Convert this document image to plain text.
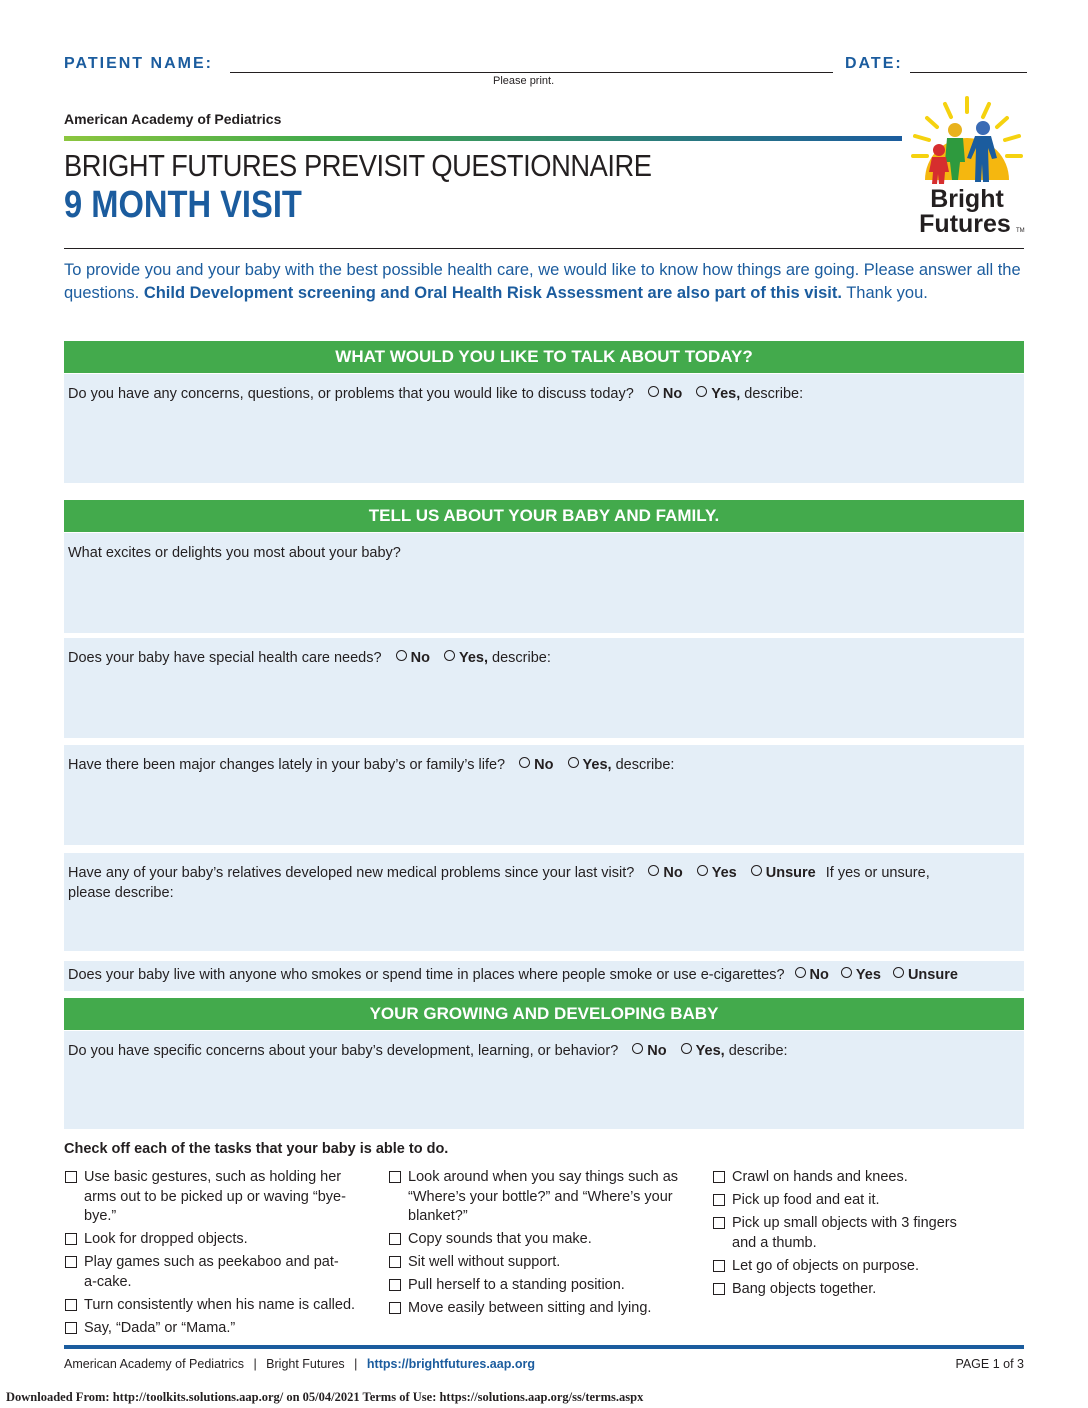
PATIENT NAME:	DATE:
Please print.
American Academy of Pediatrics
BRIGHT FUTURES PREVISIT QUESTIONNAIRE
9 MONTH VISIT	Bright
Futures TM
To provide you and your baby with the best possible health care, we would like to know how things are going. Please answer all the questions. Child Development screening and Oral Health Risk Assessment are also part of this visit. Thank you.
WHAT WOULD YOU LIKE TO TALK ABOUT TODAY?
Do you have any concerns, questions, or problems that you would like to discuss today? No Yes, describe:
TELL US ABOUT YOUR BABY AND FAMILY.
What excites or delights you most about your baby?
Does your baby have special health care needs? No Yes, describe:
Have there been major changes lately in your baby’s or family’s life? No Yes, describe:
Have any of your baby’s relatives developed new medical problems since your last visit? No Yes Unsure If yes or unsure,
please describe:
Does your baby live with anyone who smokes or spend time in places where people smoke or use e-cigarettes? No Yes Unsure
YOUR GROWING AND DEVELOPING BABY
Do you have specific concerns about your baby’s development, learning, or behavior? No Yes, describe:
Check off each of the tasks that your baby is able to do.
Use basic gestures, such as holding her arms out to be picked up or waving “bye-bye.”
Look for dropped objects.
Play games such as peekaboo and pat-a-cake.
Turn consistently when his name is called.
Say, “Dada” or “Mama.”
Look around when you say things such as “Where’s your bottle?” and “Where’s your blanket?”
Copy sounds that you make.
Sit well without support.
Pull herself to a standing position.
Move easily between sitting and lying.
Crawl on hands and knees.
Pick up food and eat it.
Pick up small objects with 3 fingers and a thumb.
Let go of objects on purpose.
Bang objects together.
American Academy of Pediatrics | Bright Futures | https://brightfutures.aap.org	PAGE 1 of 3
Downloaded From: http://toolkits.solutions.aap.org/ on 05/04/2021 Terms of Use: https://solutions.aap.org/ss/terms.aspx
